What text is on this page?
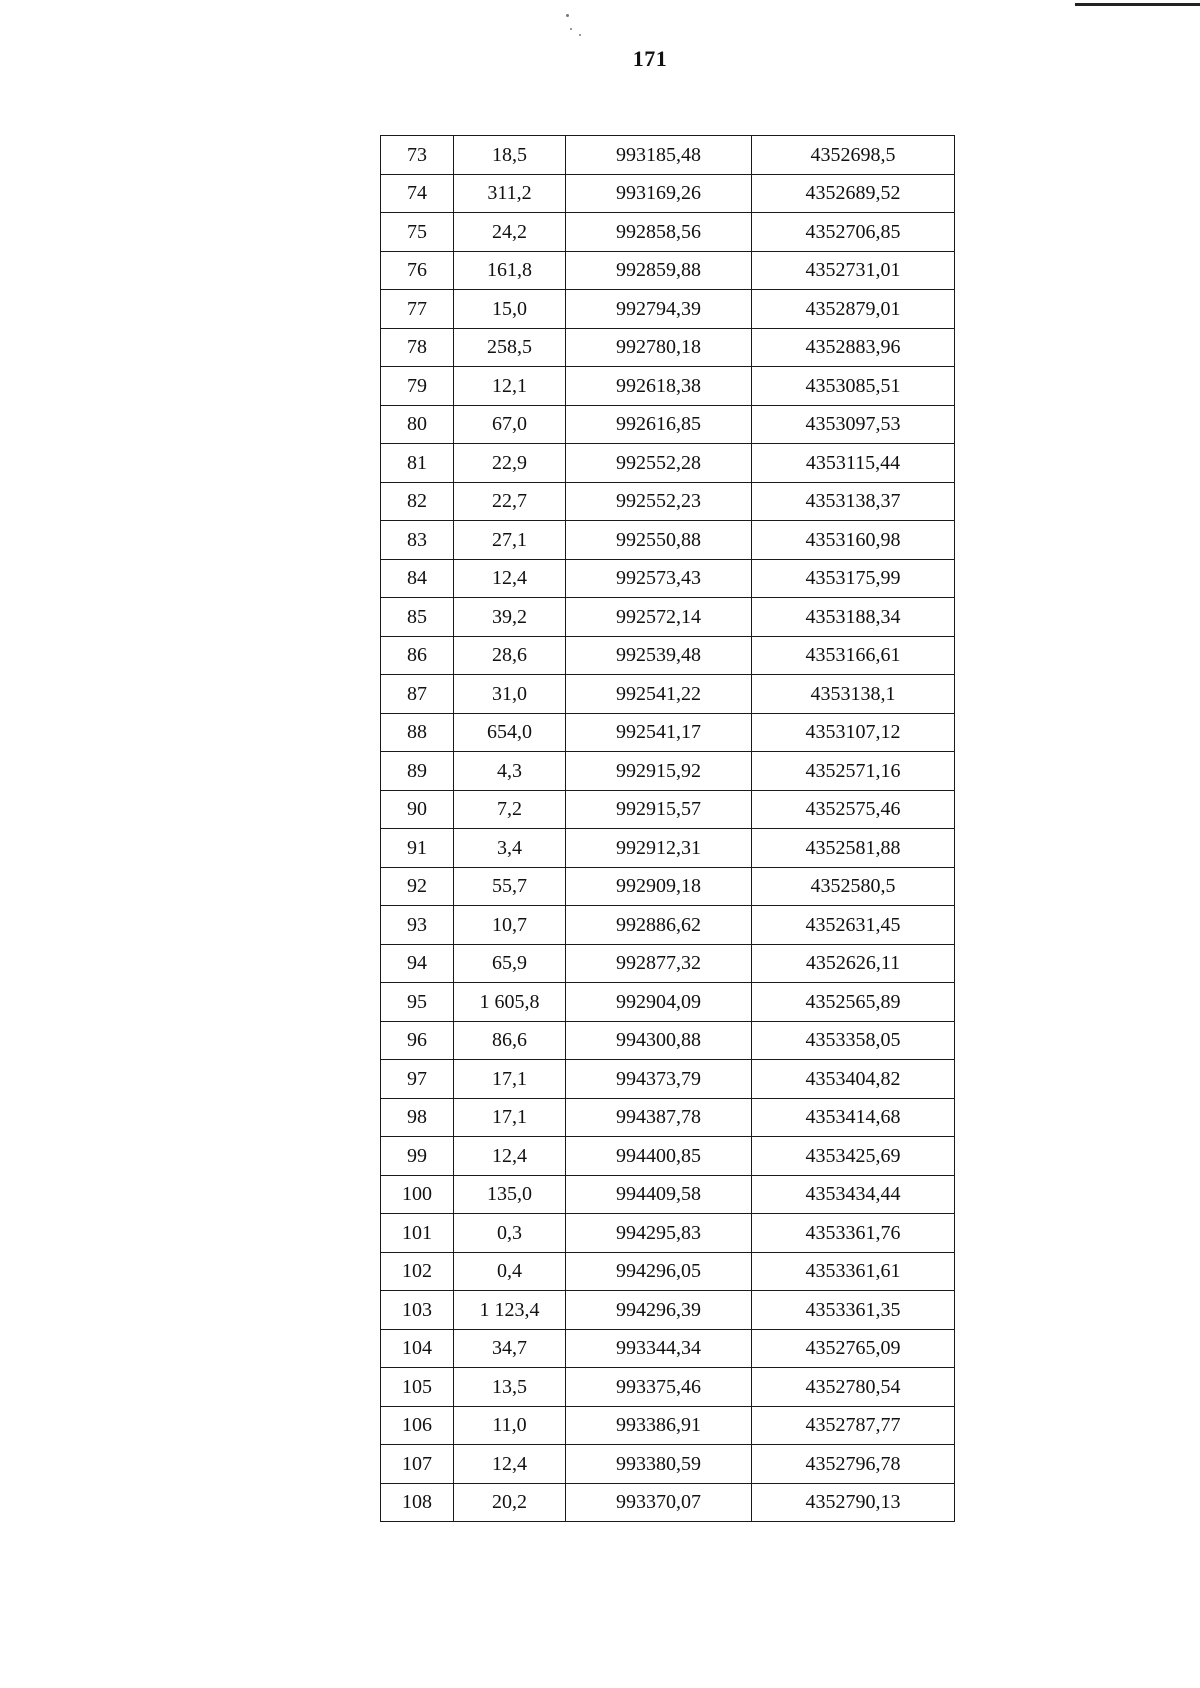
171
73	18,5	993185,48	4352698,5
74	311,2	993169,26	4352689,52
75	24,2	992858,56	4352706,85
76	161,8	992859,88	4352731,01
77	15,0	992794,39	4352879,01
78	258,5	992780,18	4352883,96
79	12,1	992618,38	4353085,51
80	67,0	992616,85	4353097,53
81	22,9	992552,28	4353115,44
82	22,7	992552,23	4353138,37
83	27,1	992550,88	4353160,98
84	12,4	992573,43	4353175,99
85	39,2	992572,14	4353188,34
86	28,6	992539,48	4353166,61
87	31,0	992541,22	4353138,1
88	654,0	992541,17	4353107,12
89	4,3	992915,92	4352571,16
90	7,2	992915,57	4352575,46
91	3,4	992912,31	4352581,88
92	55,7	992909,18	4352580,5
93	10,7	992886,62	4352631,45
94	65,9	992877,32	4352626,11
95	1 605,8	992904,09	4352565,89
96	86,6	994300,88	4353358,05
97	17,1	994373,79	4353404,82
98	17,1	994387,78	4353414,68
99	12,4	994400,85	4353425,69
100	135,0	994409,58	4353434,44
101	0,3	994295,83	4353361,76
102	0,4	994296,05	4353361,61
103	1 123,4	994296,39	4353361,35
104	34,7	993344,34	4352765,09
105	13,5	993375,46	4352780,54
106	11,0	993386,91	4352787,77
107	12,4	993380,59	4352796,78
108	20,2	993370,07	4352790,13
